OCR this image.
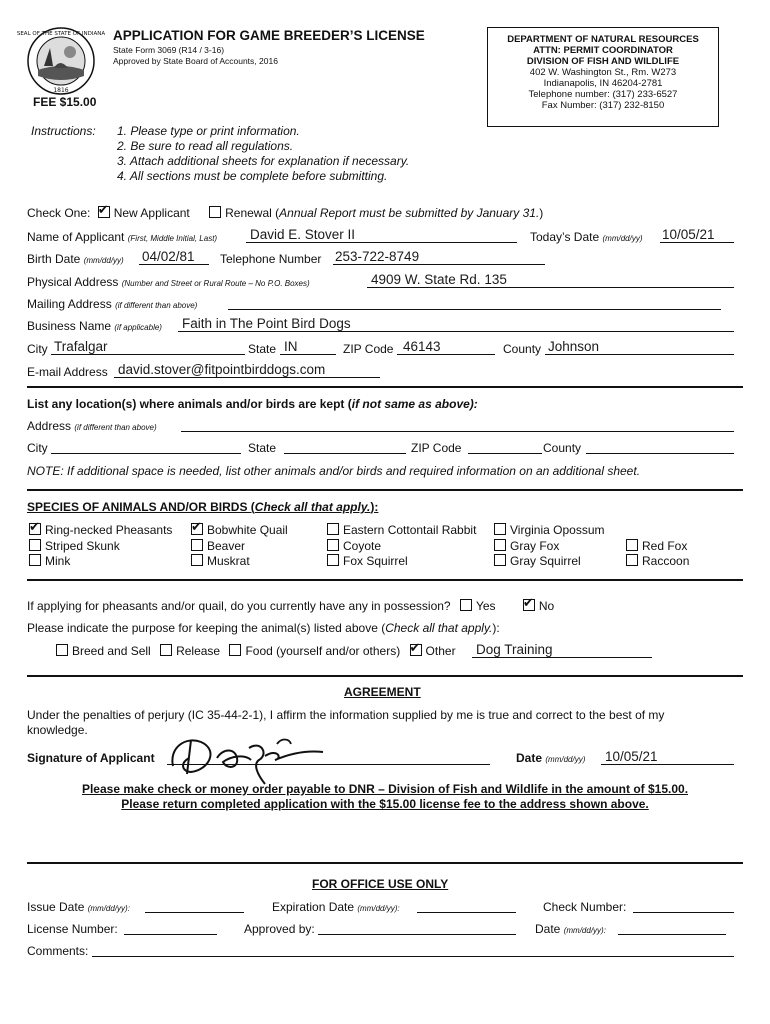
SEAL OF THE STATE OF INDIANA
1816
APPLICATION FOR GAME BREEDER’S LICENSE
State Form 3069 (R14 / 3-16)
Approved by State Board of Accounts, 2016
FEE $15.00
DEPARTMENT OF NATURAL RESOURCES
ATTN: PERMIT COORDINATOR
DIVISION OF FISH AND WILDLIFE
402 W. Washington St., Rm. W273
Indianapolis, IN 46204-2781
Telephone number: (317) 233-6527
Fax Number: (317) 232-8150
Instructions: 1. Please type or print information.
2. Be sure to read all regulations.
3. Attach additional sheets for explanation if necessary.
4. All sections must be complete before submitting.
Check One: ✔ New Applicant	Renewal (Annual Report must be submitted by January 31.)
Name of Applicant (First, Middle Initial, Last) David E. Stover II	Today’s Date (mm/dd/yy) 10/05/21
Birth Date (mm/dd/yy) 04/02/81 Telephone Number 253-722-8749
Physical Address (Number and Street or Rural Route – No P.O. Boxes)	4909 W. State Rd. 135
Mailing Address (if different than above)
Business Name (if applicable) Faith in The Point Bird Dogs
City Trafalgar	State IN	ZIP Code 46143	County Johnson
E-mail Address david.stover@fitpointbirddogs.com
List any location(s) where animals and/or birds are kept (if not same as above):
Address (if different than above)
City	State	ZIP Code	County
NOTE: If additional space is needed, list other animals and/or birds and required information on an additional sheet.
SPECIES OF ANIMALS AND/OR BIRDS (Check all that apply.):
✔Ring-necked Pheasants ✔	Bobwhite Quail	Eastern Cottontail Rabbit	Virginia Opossum
Striped Skunk	Beaver	Coyote	Gray Fox	Red Fox
Mink	Muskrat	Fox Squirrel	Gray Squirrel	Raccoon
If applying for pheasants and/or quail, do you currently have any in possession? Yes ✔	No
Please indicate the purpose for keeping the animal(s) listed above (Check all that apply.):
Breed and Sell Release Food (yourself and/or others) ✔ Other Dog Training
AGREEMENT
Under the penalties of perjury (IC 35-44-2-1), I affirm the information supplied by me is true and correct to the best of my knowledge.
Signature of Applicant	Date (mm/dd/yy) 10/05/21
Please make check or money order payable to DNR – Division of Fish and Wildlife in the amount of $15.00.
Please return completed application with the $15.00 license fee to the address shown above.
FOR OFFICE USE ONLY
Issue Date (mm/dd/yy):	Expiration Date (mm/dd/yy):	Check Number:
License Number:	Approved by:	Date (mm/dd/yy):
Comments:
